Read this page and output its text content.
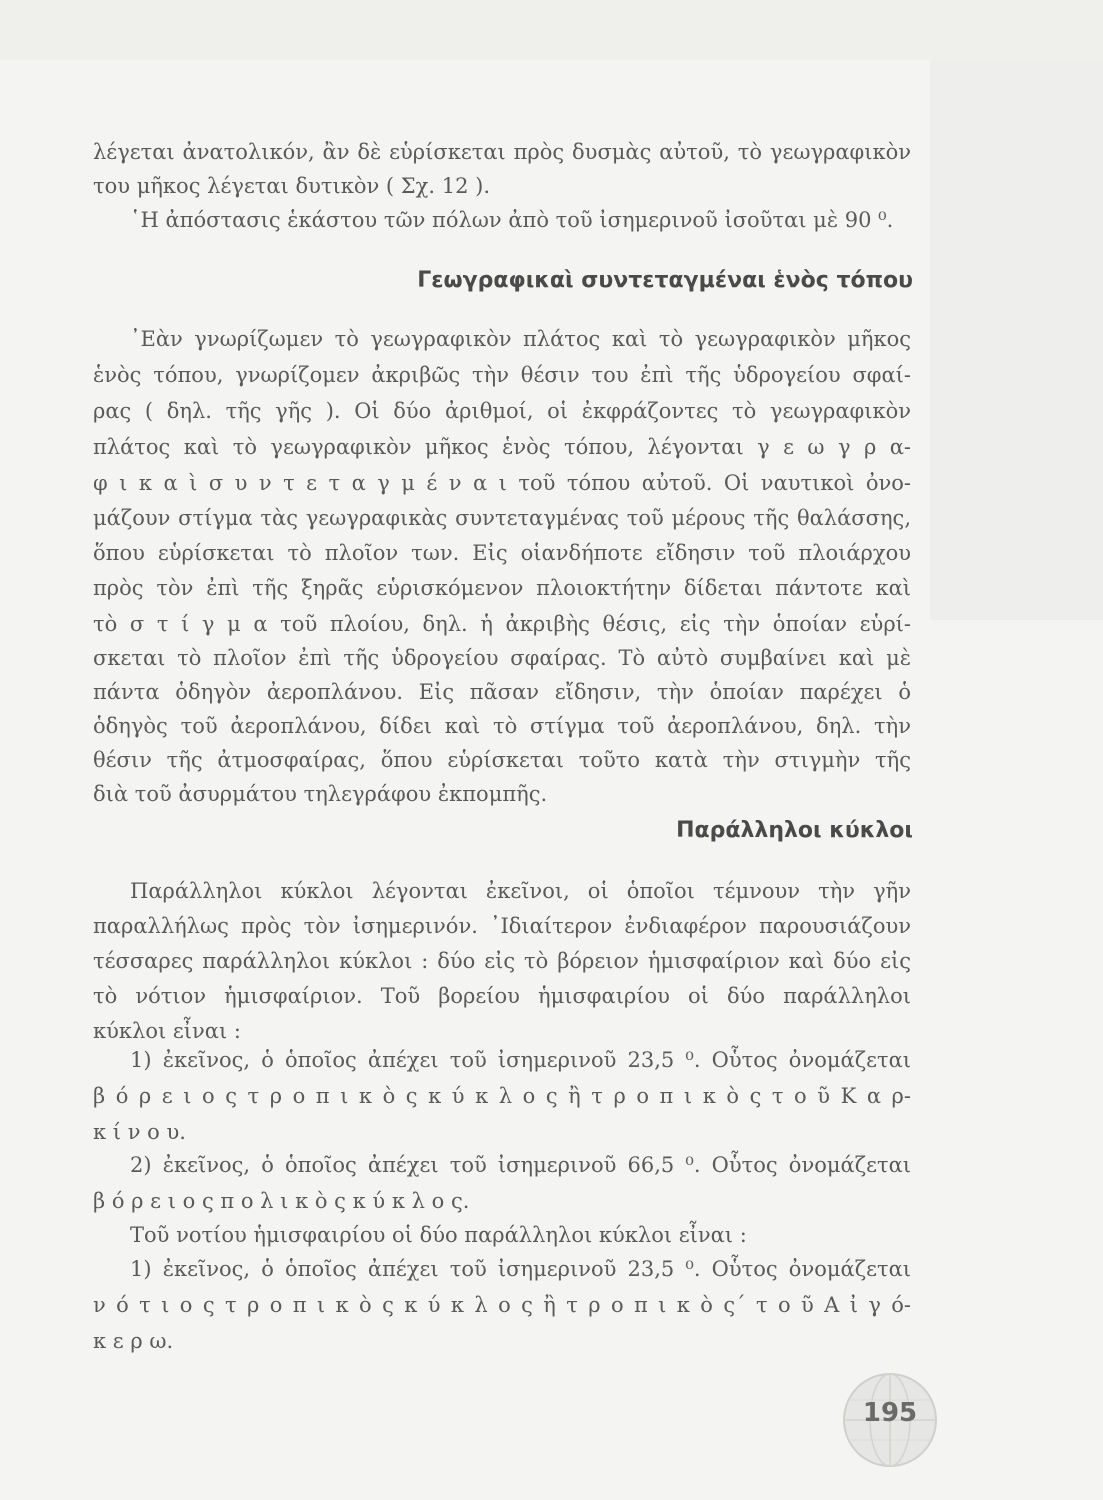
λέγεται ἀνατολικόν, ἂν δὲ εὑρίσκεται πρὸς δυσμὰς αὐτοῦ, τὸ γεωγραφικὸν
του μῆκος λέγεται δυτικὸν ( Σχ. 12 ).
῾Η ἀπόστασις ἑκάστου τῶν πόλων ἀπὸ τοῦ ἰσημερινοῦ ἰσοῦται μὲ 90 ⁰.
Γεωγραφικαὶ συντεταγμέναι ἑνὸς τόπου
᾿Εὰν γνωρίζωμεν τὸ γεωγραφικὸν πλάτος καὶ τὸ γεωγραφικὸν μῆκος
ἑνὸς τόπου, γνωρίζομεν ἀκριβῶς τὴν θέσιν του ἐπὶ τῆς ὑδρογείου σφαί-
ρας ( δηλ. τῆς γῆς ). Οἱ δύο ἀριθμοί, οἱ ἐκφράζοντες τὸ γεωγραφικὸν
πλάτος καὶ τὸ γεωγραφικὸν μῆκος ἑνὸς τόπου, λέγονται γ ε ω γ ρ α-
φ ι κ α ὶ σ υ ν τ ε τ α γ μ έ ν α ι τοῦ τόπου αὐτοῦ. Οἱ ναυτικοὶ ὀνο-
μάζουν στίγμα τὰς γεωγραφικὰς συντεταγμένας τοῦ μέρους τῆς θαλάσσης,
ὅπου εὑρίσκεται τὸ πλοῖον των. Εἰς οἱανδήποτε εἴδησιν τοῦ πλοιάρχου
πρὸς τὸν ἐπὶ τῆς ξηρᾶς εὑρισκόμενον πλοιοκτήτην δίδεται πάντοτε καὶ
τὸ σ τ ί γ μ α τοῦ πλοίου, δηλ. ἡ ἀκριβὴς θέσις, εἰς τὴν ὁποίαν εὑρί-
σκεται τὸ πλοῖον ἐπὶ τῆς ὑδρογείου σφαίρας. Τὸ αὐτὸ συμβαίνει καὶ μὲ
πάντα ὁδηγὸν ἀεροπλάνου. Εἰς πᾶσαν εἴδησιν, τὴν ὁποίαν παρέχει ὁ
ὁδηγὸς τοῦ ἀεροπλάνου, δίδει καὶ τὸ στίγμα τοῦ ἀεροπλάνου, δηλ. τὴν
θέσιν τῆς ἀτμοσφαίρας, ὅπου εὑρίσκεται τοῦτο κατὰ τὴν στιγμὴν τῆς
διὰ τοῦ ἀσυρμάτου τηλεγράφου ἐκπομπῆς.
Παράλληλοι κύκλοι
Παράλληλοι κύκλοι λέγονται ἐκεῖνοι, οἱ ὁποῖοι τέμνουν τὴν γῆν
παραλλήλως πρὸς τὸν ἰσημερινόν. ᾿Ιδιαίτερον ἐνδιαφέρον παρουσιάζουν
τέσσαρες παράλληλοι κύκλοι : δύο εἰς τὸ βόρειον ἡμισφαίριον καὶ δύο εἰς
τὸ νότιον ἡμισφαίριον. Τοῦ βορείου ἡμισφαιρίου οἱ δύο παράλληλοι
κύκλοι εἶναι :
1) ἐκεῖνος, ὁ ὁποῖος ἀπέχει τοῦ ἰσημερινοῦ 23,5 ⁰. Οὗτος ὀνομάζεται
β ό ρ ε ι ο ς τ ρ ο π ι κ ὸ ς κ ύ κ λ ο ς ἢ τ ρ ο π ι κ ὸ ς τ ο ῦ Κ α ρ-
κ ί ν ο υ.
2) ἐκεῖνος, ὁ ὁποῖος ἀπέχει τοῦ ἰσημερινοῦ 66,5 ⁰. Οὗτος ὀνομάζεται
β ό ρ ε ι ο ς π ο λ ι κ ὸ ς κ ύ κ λ ο ς.
Τοῦ νοτίου ἡμισφαιρίου οἱ δύο παράλληλοι κύκλοι εἶναι :
1) ἐκεῖνος, ὁ ὁποῖος ἀπέχει τοῦ ἰσημερινοῦ 23,5 ⁰. Οὗτος ὀνομάζεται
ν ό τ ι ο ς τ ρ ο π ι κ ὸ ς κ ύ κ λ ο ς ἢ τ ρ ο π ι κ ὸ ς΄ τ ο ῦ Α ἰ γ ό-
κ ε ρ ω.
195
